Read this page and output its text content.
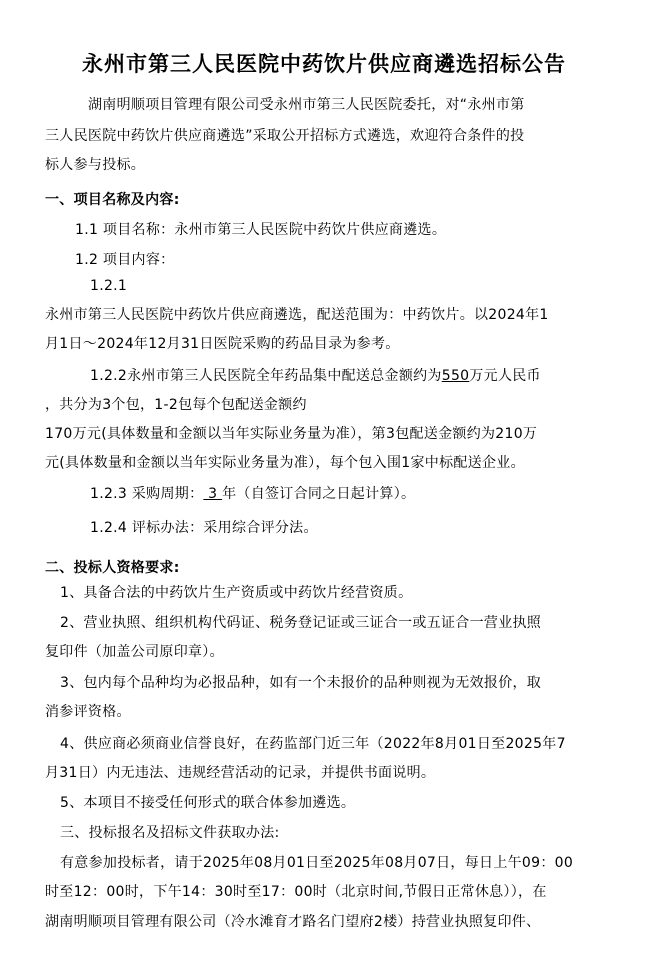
永州市第三人民医院中药饮片供应商遴选招标公告
湖南明顺项目管理有限公司受永州市第三人民医院委托，对“永州市第
三人民医院中药饮片供应商遴选”采取公开招标方式遴选，欢迎符合条件的投
标人参与投标。
一、项目名称及内容:
1.1 项目名称：永州市第三人民医院中药饮片供应商遴选。
1.2 项目内容：
1.2.1
永州市第三人民医院中药饮片供应商遴选，配送范围为：中药饮片。以2024年1
月1日～2024年12月31日医院采购的药品目录为参考。
1.2.2永州市第三人民医院全年药品集中配送总金额约为550万元人民币
，共分为3个包，1-2包每个包配送金额约
170万元(具体数量和金额以当年实际业务量为准），第3包配送金额约为210万
元(具体数量和金额以当年实际业务量为准），每个包入围1家中标配送企业。
1.2.3 采购周期： 3 年（自签订合同之日起计算）。
1.2.4 评标办法：采用综合评分法。
二、投标人资格要求:
1、具备合法的中药饮片生产资质或中药饮片经营资质。
2、营业执照、组织机构代码证、税务登记证或三证合一或五证合一营业执照
复印件（加盖公司原印章）。
3、包内每个品种均为必报品种，如有一个未报价的品种则视为无效报价，取
消参评资格。
4、供应商必须商业信誉良好，在药监部门近三年（2022年8月01日至2025年7
月31日）内无违法、违规经营活动的记录，并提供书面说明。
5、本项目不接受任何形式的联合体参加遴选。
三、投标报名及招标文件获取办法:
有意参加投标者，请于2025年08月01日至2025年08月07日，每日上午09：00
时至12：00时，下午14：30时至17：00时（北京时间,节假日正常休息）），在
湖南明顺项目管理有限公司（冷水滩育才路名门望府2楼）持营业执照复印件、
